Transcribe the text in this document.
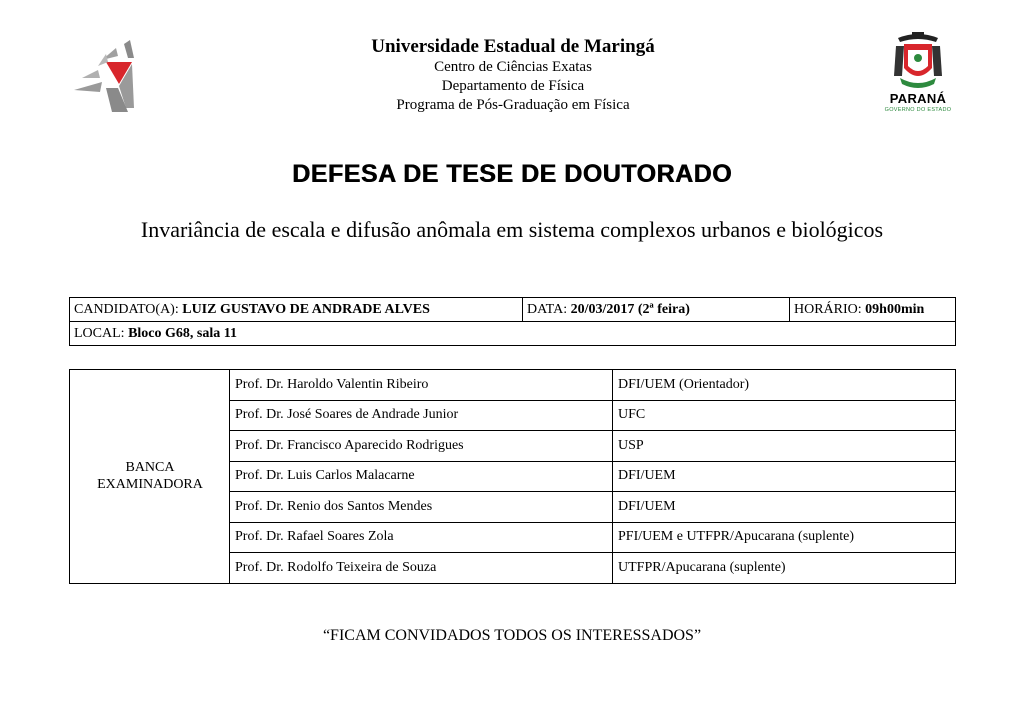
Universidade Estadual de Maringá
Centro de Ciências Exatas
Departamento de Física
Programa de Pós-Graduação em Física	PARANÁ
GOVERNO DO ESTADO
DEFESA DE TESE DE DOUTORADO
Invariância de escala e difusão anômala em sistema complexos urbanos e biológicos
CANDIDATO(A): LUIZ GUSTAVO DE ANDRADE ALVES	DATA: 20/03/2017 (2ª feira)	HORÁRIO: 09h00min
LOCAL: Bloco G68, sala 11
BANCA
EXAMINADORA	Prof. Dr. Haroldo Valentin Ribeiro	DFI/UEM (Orientador)
	Prof. Dr. José Soares de Andrade Junior	UFC
	Prof. Dr. Francisco Aparecido Rodrigues	USP
	Prof. Dr. Luis Carlos Malacarne	DFI/UEM
	Prof. Dr. Renio dos Santos Mendes	DFI/UEM
	Prof. Dr. Rafael Soares Zola	PFI/UEM e UTFPR/Apucarana (suplente)
	Prof. Dr. Rodolfo Teixeira de Souza	UTFPR/Apucarana (suplente)
“FICAM CONVIDADOS TODOS OS INTERESSADOS”
